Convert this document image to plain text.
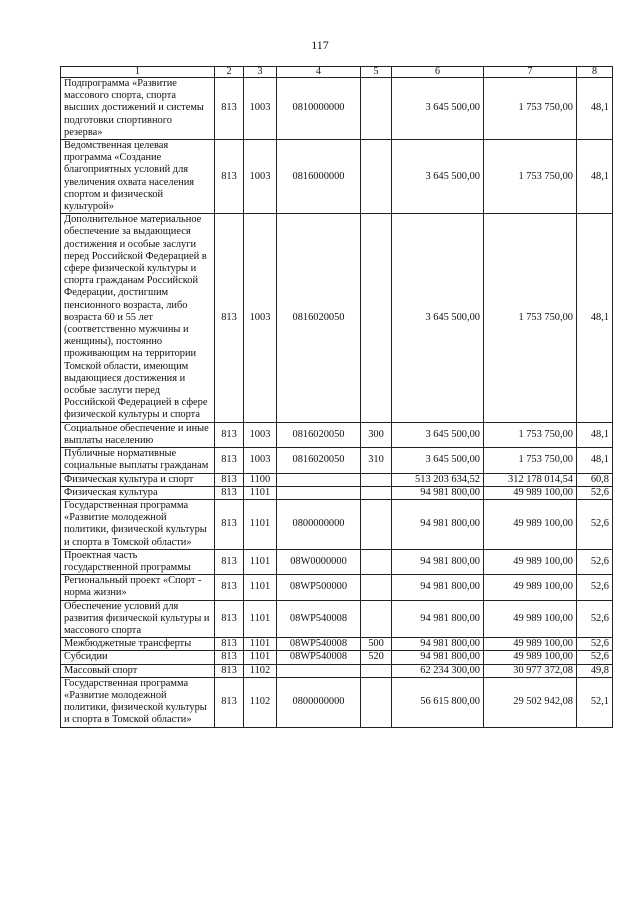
117
1	2	3	4	5	6	7	8
Подпрограмма «Развитие массового спорта, спорта высших достижений и системы подготовки спортивного резерва»	813	1003	0810000000		3 645 500,00	1 753 750,00	48,1
Ведомственная целевая программа «Создание благоприятных условий для увеличения охвата населения спортом и физической культурой»	813	1003	0816000000		3 645 500,00	1 753 750,00	48,1
Дополнительное материальное обеспечение за выдающиеся достижения и особые заслуги перед Российской Федерацией в сфере физической культуры и спорта гражданам Российской Федерации, достигшим пенсионного возраста, либо возраста 60 и 55 лет (соответственно мужчины и женщины), постоянно проживающим на территории Томской области, имеющим выдающиеся достижения и особые заслуги перед Российской Федерацией в сфере физической культуры и спорта	813	1003	0816020050		3 645 500,00	1 753 750,00	48,1
Социальное обеспечение и иные выплаты населению	813	1003	0816020050	300	3 645 500,00	1 753 750,00	48,1
Публичные нормативные социальные выплаты гражданам	813	1003	0816020050	310	3 645 500,00	1 753 750,00	48,1
Физическая культура и спорт	813	1100			513 203 634,52	312 178 014,54	60,8
Физическая культура	813	1101			94 981 800,00	49 989 100,00	52,6
Государственная программа «Развитие молодежной политики, физической культуры и спорта в Томской области»	813	1101	0800000000		94 981 800,00	49 989 100,00	52,6
Проектная часть государственной программы	813	1101	08W0000000		94 981 800,00	49 989 100,00	52,6
Региональный проект «Спорт - норма жизни»	813	1101	08WP500000		94 981 800,00	49 989 100,00	52,6
Обеспечение условий для развития физической культуры и массового спорта	813	1101	08WP540008		94 981 800,00	49 989 100,00	52,6
Межбюджетные трансферты	813	1101	08WP540008	500	94 981 800,00	49 989 100,00	52,6
Субсидии	813	1101	08WP540008	520	94 981 800,00	49 989 100,00	52,6
Массовый спорт	813	1102			62 234 300,00	30 977 372,08	49,8
Государственная программа «Развитие молодежной политики, физической культуры и спорта в Томской области»	813	1102	0800000000		56 615 800,00	29 502 942,08	52,1
